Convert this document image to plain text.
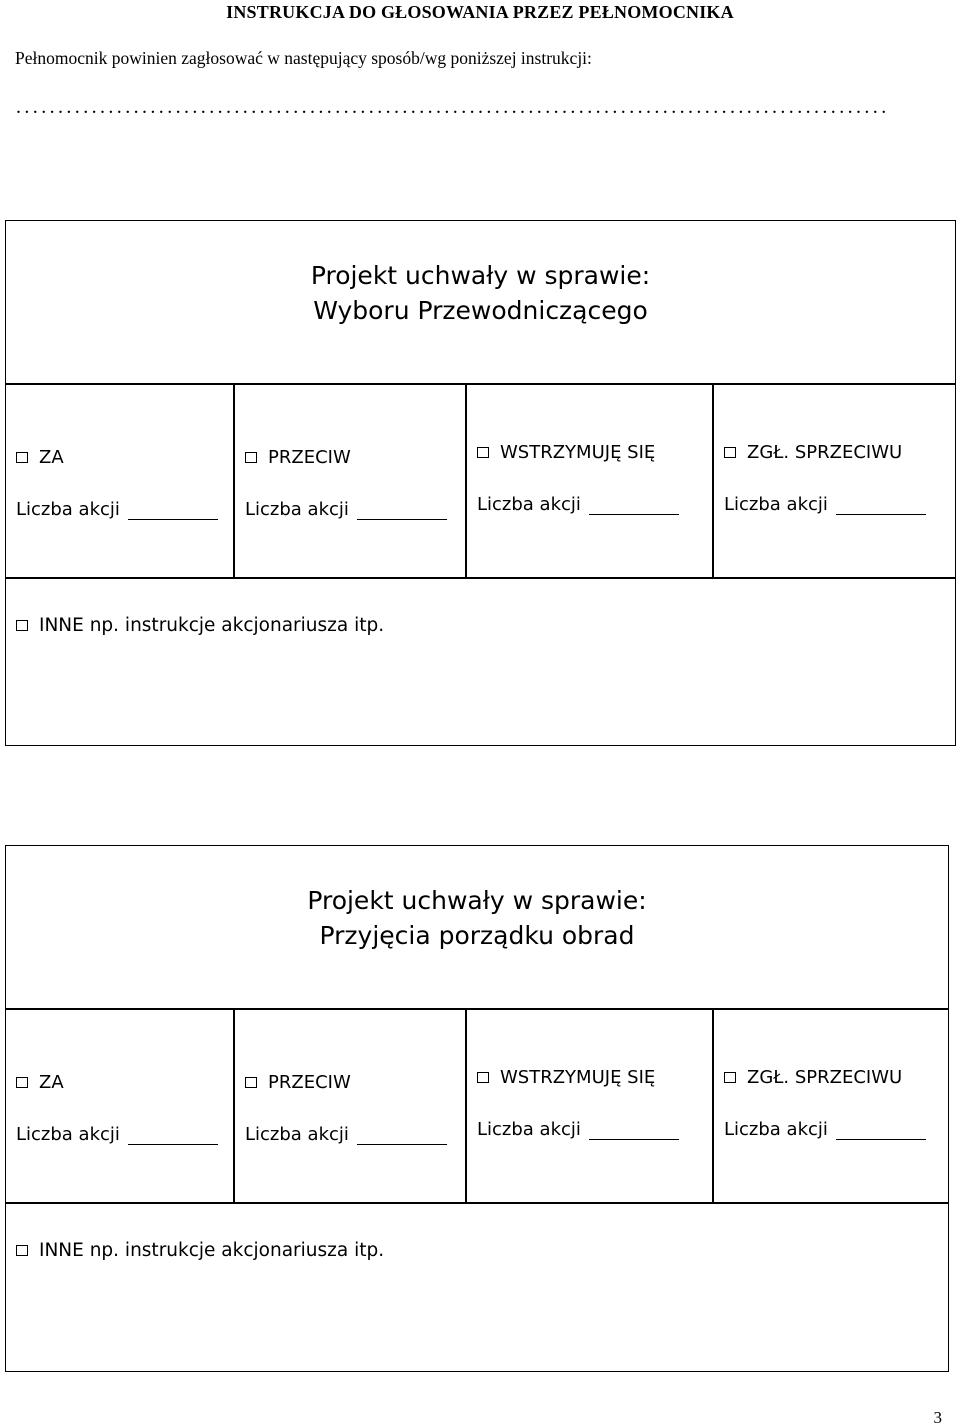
INSTRUKCJA DO GŁOSOWANIA PRZEZ PEŁNOMOCNIKA
Pełnomocnik powinien zagłosować w następujący sposób/wg poniższej instrukcji:
........................................................................................................
Projekt uchwały w sprawie:
Wyboru Przewodniczącego
ZA
Liczba akcji
PRZECIW
Liczba akcji
WSTRZYMUJĘ SIĘ
Liczba akcji
ZGŁ. SPRZECIWU
Liczba akcji
INNE np. instrukcje akcjonariusza itp.
Projekt uchwały w sprawie:
Przyjęcia porządku obrad
ZA
Liczba akcji
PRZECIW
Liczba akcji
WSTRZYMUJĘ SIĘ
Liczba akcji
ZGŁ. SPRZECIWU
Liczba akcji
INNE np. instrukcje akcjonariusza itp.
3
